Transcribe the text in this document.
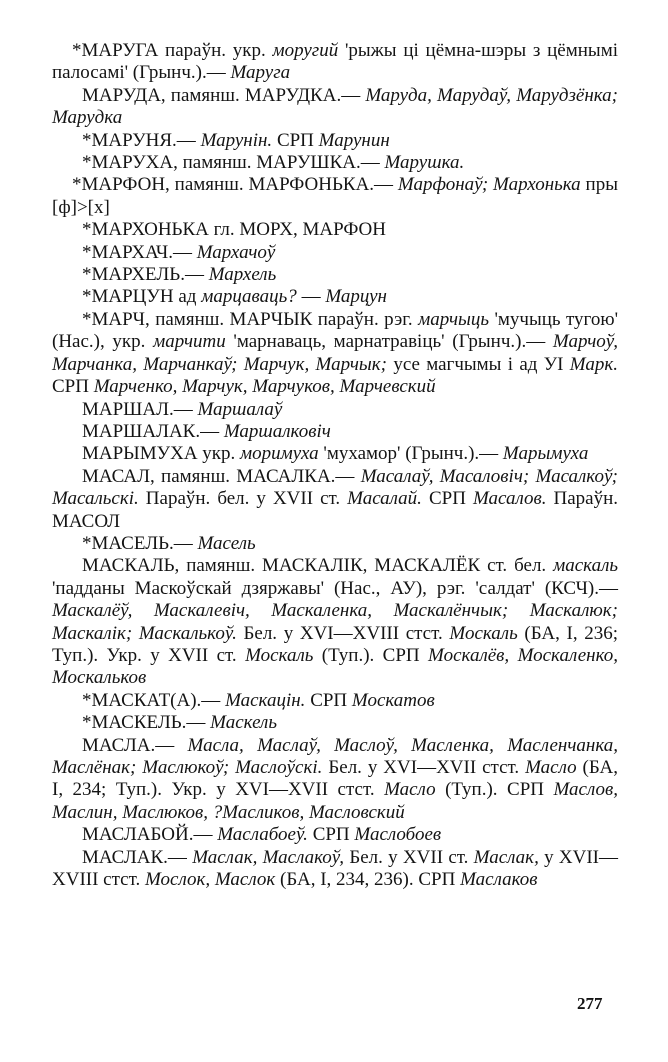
*МАРУГА параўн. укр. моругий 'рыжы ці цёмна-шэры з цёмнымі палосамі' (Грынч.).— Маруга

МАРУДА, памянш. МАРУДКА.— Маруда, Марудаў, Марудзёнка; Марудка

*МАРУНЯ.— Марунін. СРП Марунин

*МАРУХА, памянш. МАРУШКА.— Марушка.

*МАРФОН, памянш. МАРФОНЬКА.— Марфонаў; Мархонька пры [ф]>[х]

*МАРХОНЬКА гл. МОРХ, МАРФОН

*МАРХАЧ.— Мархачоў

*МАРХЕЛЬ.— Мархель

*МАРЦУН ад марцаваць? — Марцун

*МАРЧ, памянш. МАРЧЫК параўн. рэг. марчыць 'мучыць тугою' (Нас.), укр. марчити 'марнаваць, марнатравіць' (Грынч.).— Марчоў, Марчанка, Марчанкаў; Марчук, Марчык; усе магчымы і ад УІ Марк. СРП Марченко, Марчук, Марчуков, Марчевский

МАРШАЛ.— Маршалаў

МАРШАЛАК.— Маршалковіч

МАРЫМУХА укр. моримуха 'мухамор' (Грынч.).— Марымуха

МАСАЛ, памянш. МАСАЛКА.— Масалаў, Масаловіч; Масалкоў; Масальскі. Параўн. бел. у XVII ст. Масалай. СРП Масалов. Параўн. МАСОЛ

*МАСЕЛЬ.— Масель

МАСКАЛЬ, памянш. МАСКАЛІК, МАСКАЛЁК ст. бел. маскаль 'падданы Маскоўскай дзяржавы' (Нас., АУ), рэг. 'салдат' (КСЧ).— Маскалёў, Маскалевіч, Маскаленка, Маскалёнчык; Маскалюк; Маскалік; Маскалькоў. Бел. у XVI—XVIII стст. Москаль (БА, I, 236; Туп.). Укр. у XVII ст. Москаль (Туп.). СРП Москалёв, Москаленко, Москальков

*МАСКАТ(А).— Маскацін. СРП Москатов

*МАСКЕЛЬ.— Маскель

МАСЛА.— Масла, Маслаў, Маслоў, Масленка, Масленчанка, Маслёнак; Маслюкоў; Маслоўскі. Бел. у XVI—XVII стст. Масло (БА, I, 234; Туп.). Укр. у XVI—XVII стст. Масло (Туп.). СРП Маслов, Маслин, Маслюков, ?Масликов, Масловский

МАСЛАБОЙ.— Маслабоеў. СРП Маслобоев

МАСЛАК.— Маслак, Маслакоў, Бел. у XVII ст. Маслак, у XVII—XVIII стст. Мослок, Маслок (БА, I, 234, 236). СРП Маслаков

277
